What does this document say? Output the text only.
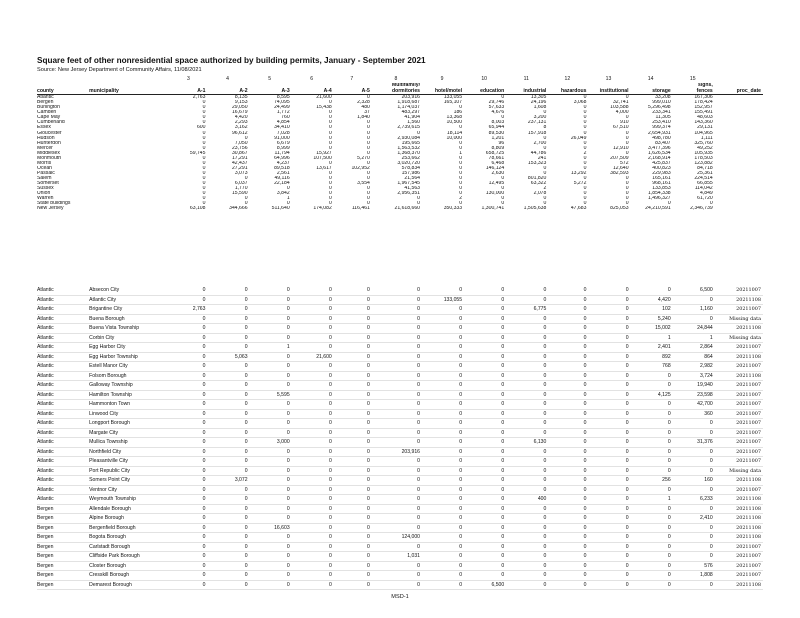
Square feet of other nonresidential space authorized by building permits, January - September 2021
Source: New Jersey Department of Community Affairs, 11/08/2021
		3	4	5	6	7	8	9	10	11	12	13	14	15	
county	municipality	A-1	A-2	A-3	A-4	A-5	Multifamily/
dormitories	hotel/motel	education	industrial	hazardous	institutional	storage	signs,
fences	proc_date
Atlantic		2,763	8,135	8,595	21,600	0	203,916	133,055	0	13,305	0	0	33,208	167,306	
Bergen		0	9,153	74,095	0	2,328	1,918,687	165,107	29,746	24,196	3,068	32,741	999,010	178,424	
Burlington		0	29,050	24,499	15,438	480	1,174,037	0	57,633	1,608	0	103,588	5,296,498	152,957	
Camden		0	16,679	1,772	0	37	483,297	186	4,676	0	0	4,000	233,341	155,491	
Cape May		0	4,420	760	0	1,840	41,904	13,368	0	3,200	0	0	11,305	48,603	
Cumberland		0	2,293	4,854	0	0	1,560	10,500	8,003	237,131	0	910	253,410	143,360	
Essex		600	3,162	34,410	0	0	2,739,615	0	65,944	8	0	67,510	999,374	29,131	
Gloucester		0	96,612	7,028	0	0	0	18,114	89,530	157,918	0	0	2,654,931	104,965	
Hudson		0	0	91,000	0	0	2,930,084	10,000	1,201	0	26,049	0	498,780	1,111	
Hunterdon		0	7,050	6,679	0	0	195,665	0	96	2,700	0	0	83,407	325,760	
Mercer		0	23,756	8,999	0	0	1,563,532	0	8,809	0	0	12,910	3,477,396	49,252	
Middlesex		59,745	30,867	11,794	15,927	0	1,368,370	1	658,725	44,786	2	0	1,626,534	105,935	
Monmouth		0	17,291	64,996	107,500	5,270	253,662	0	78,661	241	0	207,509	2,168,914	178,503	
Morris		0	42,437	4,237	0	0	3,020,720	0	6,468	153,323	0	572	425,837	123,882	
Ocean		0	27,291	89,518	13,617	102,952	578,834	0	146,124	0	0	12,640	400,823	84,718	
Passaic		0	3,073	2,561	0	0	157,986	0	2,630	0	13,292	382,593	229,983	25,361	
Salem		0	0	49,116	0	0	21,564	0	0	801,820	0	0	165,161	224,514	
Somerset		0	6,037	22,184	0	3,554	1,967,545	0	12,495	63,322	5,272	0	968,161	66,855	
Sussex		0	1,770	0	0	0	41,563	0	0	2	0	0	133,853	114,042	
Union		0	15,590	3,842	0	0	2,956,351	0	130,000	2,078	0	0	1,854,338	4,849	
Warren		0	0	1	0	0	0	2	0	0	0	0	1,496,327	61,720	
State buildings		0	0	0	0	0	0	0	0	0	0	0	0	0	
New Jersey		63,108	344,666	511,640	174,082	116,461	21,618,660	350,333	1,300,741	1,505,638	47,683	825,053	24,210,591	2,346,739	
Atlantic	Absecon City	0	0	0	0	0	0	0	0	0	0	0	0	6,500	20211007
Atlantic	Atlantic City	0	0	0	0	0	0	133,055	0	0	0	0	4,420	0	20211108
Atlantic	Brigantine City	2,763	0	0	0	0	0	0	0	6,775	0	0	102	1,160	20211007
Atlantic	Buena Borough	0	0	0	0	0	0	0	0	0	0	0	5,240	0	Missing data
Atlantic	Buena Vista Township	0	0	0	0	0	0	0	0	0	0	0	15,002	24,844	20211108
Atlantic	Corbin City	0	0	0	0	0	0	0	0	0	0	0	1	1	Missing data
Atlantic	Egg Harbor City	0	0	1	0	0	0	0	0	0	0	0	2,401	2,864	20211007
Atlantic	Egg Harbor Township	0	5,063	0	21,600	0	0	0	0	0	0	0	892	864	20211108
Atlantic	Estell Manor City	0	0	0	0	0	0	0	0	0	0	0	768	2,982	20211007
Atlantic	Folsom Borough	0	0	0	0	0	0	0	0	0	0	0	0	3,724	20211108
Atlantic	Galloway Township	0	0	0	0	0	0	0	0	0	0	0	0	19,940	20211007
Atlantic	Hamilton Township	0	0	5,595	0	0	0	0	0	0	0	0	4,125	23,598	20211007
Atlantic	Hammonton Town	0	0	0	0	0	0	0	0	0	0	0	0	42,700	20211007
Atlantic	Linwood City	0	0	0	0	0	0	0	0	0	0	0	0	360	20211007
Atlantic	Longport Borough	0	0	0	0	0	0	0	0	0	0	0	0	0	20211007
Atlantic	Margate City	0	0	0	0	0	0	0	0	0	0	0	0	0	20211007
Atlantic	Mullica Township	0	0	3,000	0	0	0	0	0	6,130	0	0	0	31,376	20211007
Atlantic	Northfield City	0	0	0	0	0	203,916	0	0	0	0	0	0	0	20211007
Atlantic	Pleasantville City	0	0	0	0	0	0	0	0	0	0	0	0	0	20211007
Atlantic	Port Republic City	0	0	0	0	0	0	0	0	0	0	0	0	0	Missing data
Atlantic	Somers Point City	0	3,072	0	0	0	0	0	0	0	0	0	256	160	20211108
Atlantic	Ventnor City	0	0	0	0	0	0	0	0	0	0	0	0	0	20211007
Atlantic	Weymouth Township	0	0	0	0	0	0	0	0	400	0	0	1	6,233	20211108
Bergen	Allendale Borough	0	0	0	0	0	0	0	0	0	0	0	0	0	20211108
Bergen	Alpine Borough	0	0	0	0	0	0	0	0	0	0	0	0	2,410	20211108
Bergen	Bergenfield Borough	0	0	16,603	0	0	0	0	0	0	0	0	0	0	20211108
Bergen	Bogota Borough	0	0	0	0	0	124,000	0	0	0	0	0	0	0	20211108
Bergen	Carlstadt Borough	0	0	0	0	0	0	0	0	0	0	0	0	0	20211007
Bergen	Cliffside Park Borough	0	0	0	0	0	1,031	0	0	0	0	0	0	0	20211007
Bergen	Closter Borough	0	0	0	0	0	0	0	0	0	0	0	0	576	20211007
Bergen	Cresskill Borough	0	0	0	0	0	0	0	0	0	0	0	0	1,808	20211007
Bergen	Demarest Borough	0	0	0	0	0	0	0	6,500	0	0	0	0	0	20211108
MSD-1
